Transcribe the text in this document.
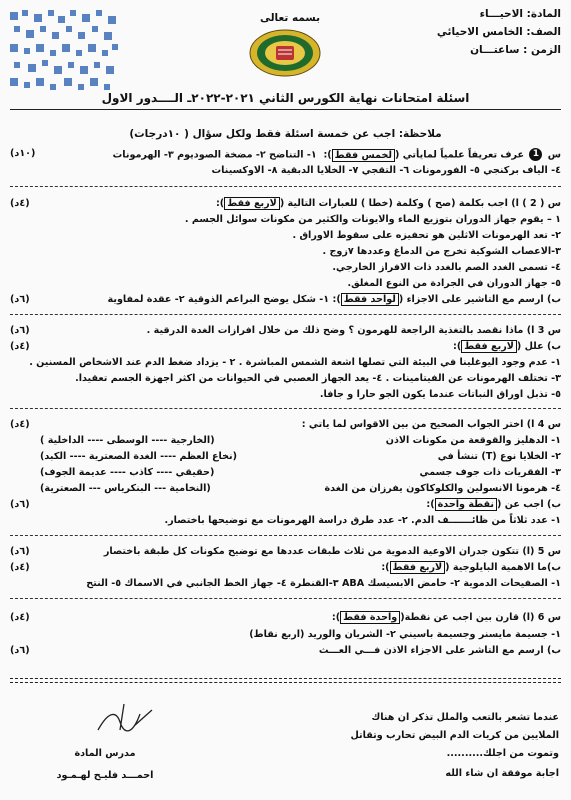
المادة: الاحيـــاء
الصف: الخامس الاحيائي
الزمن : ساعتـــان
بسمه تعالى
اسئلة امتحانات نهاية الكورس الثاني ٢٠٢١-٢٠٢٢ـ الــــدور الاول
ملاحظة: اجب عن خمسة اسئلة فقط ولكل سؤال ( ١٠درجات)
س 1 عرف تعريفاً علمياً لمايأتي (لخمس فقط):  ١- التناضح ٢- مضخة الصوديوم ٣- الهرمونات
(١٠د)
٤- الياف بركنجي ٥- الفورمونات ٦- التقجي ٧- الخلايا الدبقية ٨- الاوكسينات
س ( 2 ) ا) اجب بكلمة (صح ) وكلمة (خطا ) للعبارات التالية (لاربع فقط):
(٤د)
١ – يقوم جهاز الدوران بتوزيع الماء والايونات والكثير من مكونات سوائل الجسم .
٢- تعد الهرمونات الاثلين هو تحفيزه على سقوط الاوراق .
٣-الاعصاب الشوكية تخرج من الدماغ وعددها ٧زوج .
٤- تسمى الغدد الصم بالغدد ذات الافراز الخارجي.
٥- جهاز الدوران في الجرادة من النوع المغلق.
ب) ارسم مع التاشير على الاجزاء (لواحد فقط): ١- شكل يوضح البراعم الذوقية ٢- عقدة لمفاوية
(٦د)
س 3 ا) ماذا نقصد بالتغذية الراجعة للهرمون ؟ وضح ذلك من خلال افرازات الغدة الدرقية .
(٦د)
ب) علل (لاربع فقط):
(٤د)
١- عدم وجود اليوغلينا في البيئة التي تصلها اشعة الشمس المباشرة . ٢ - يزداد ضغط الدم عند الاشخاص المسنين .
٣- تختلف الهرمونات عن الفيتامينات . ٤- يعد الجهاز العصبي في الحيوانات من اكثر اجهزة الجسم تعقيدا.
٥- تذبل اوراق النباتات عندما يكون الجو حارا و جافا.
س 4 ا) اختر الجواب الصحيح من بين الاقواس لما ياتي :
(٤د)
١- الدهليز والقوقعة من مكونات الاذن
(الخارجية ---- الوسطى ---- الداخلية )
٢- الخلايا نوع (T) تنشأ في
(نخاع العظم ---- الغدة الصعترية ---- الكبد)
٣- الفقريات ذات جوف جسمي
(حقيقي ---- كاذب ---- عديمة الجوف)
٤- هرمونا الانسولين والكلوكاكون يفرزان من الغدة
(النخامية --- البنكرياس --- الصعترية)
ب) اجب عن (نقطة واحدة):
(٦د)
١- عدد ثلاثاً من ظائـــــــف الدم. ٢- عدد طرق دراسة الهرمونات مع توضيحها باختصار.
س 5 (ا) تتكون جدران الاوعية الدموية من ثلاث طبقات عددها مع توضيح مكونات كل طبقة باختصار
(٦د)
ب)ما الاهمية البايلوجية (لاربع فقط):
(٤د)
١- الصفيحات الدموية ٢- حامض الابسيسك ABA ٣-القنطرة ٤- جهاز الخط الجانبي في الاسماك ٥- النتح
س 6 (ا) قارن بين اجب عن نقطة(واحدة فقط):
(٤د)
١- جسيمة مايسنر وجسيمة باسيني ٢- الشريان والوريد (اربع نقاط)
ب) ارسم مع التاشر على الاجزاء الاذن فـــي العـــث
(٦د)
عندما تشعر بالتعب والملل تذكر ان هناك
الملايين من كريات الدم البيض تحارب وتقاتل
وتموت من اجلك..........
اجابة موفقة ان شاء الله
مدرس المادة
احمـــد فليـح لهـمـود
